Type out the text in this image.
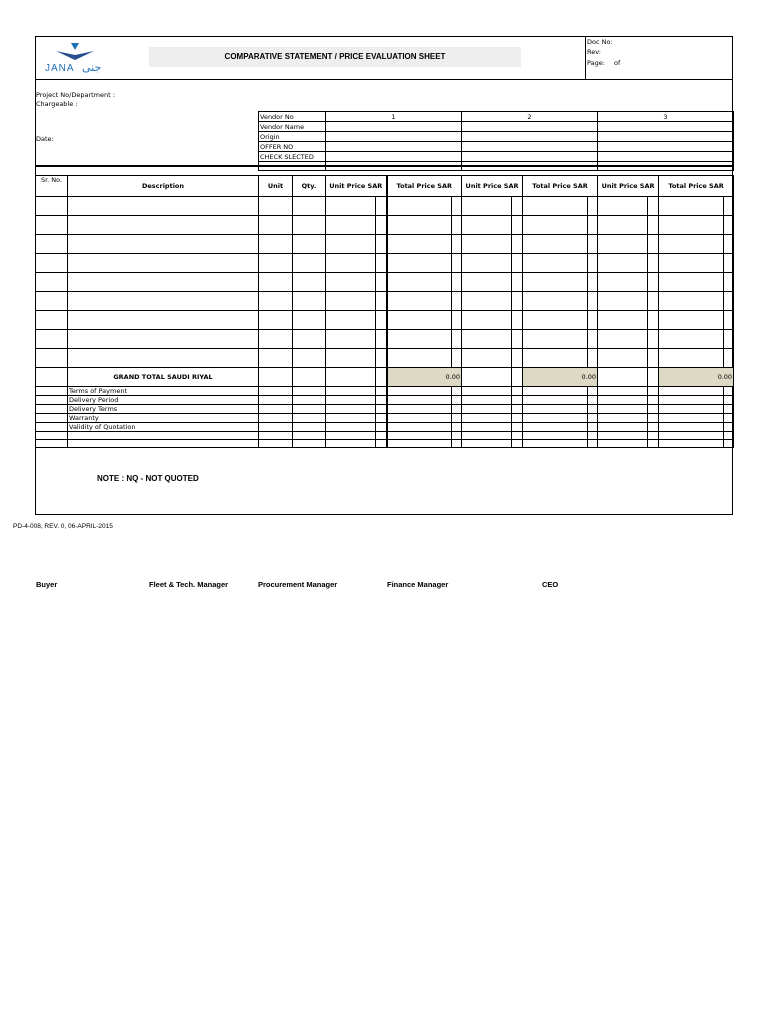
JANA جنى
COMPARATIVE STATEMENT / PRICE EVALUATION SHEET
Doc No:
Rev:
Page: of
Project No/Department :
Chargeable :
Date:
Vendor No	1	2	3
Vendor Name			
Origin			
OFFER NO			
CHECK SLECTED			

Sr. No.	Description	Unit	Qty.	Unit Price SAR		Total Price SAR		Unit Price SAR		Total Price SAR		Unit Price SAR		Total Price SAR	

	GRAND TOTAL SAUDI RIYAL					0.00				0.00				0.00	
	Terms of Payment														
	Delivery Period														
	Delivery Terms														
	Warranty														
	Validity of Quotation														

NOTE : NQ - NOT QUOTED
PD-4-008, REV. 0, 06-APRIL-2015
Buyer	Fleet & Tech. Manager	Procurement Manager	Finance Manager	CEO
